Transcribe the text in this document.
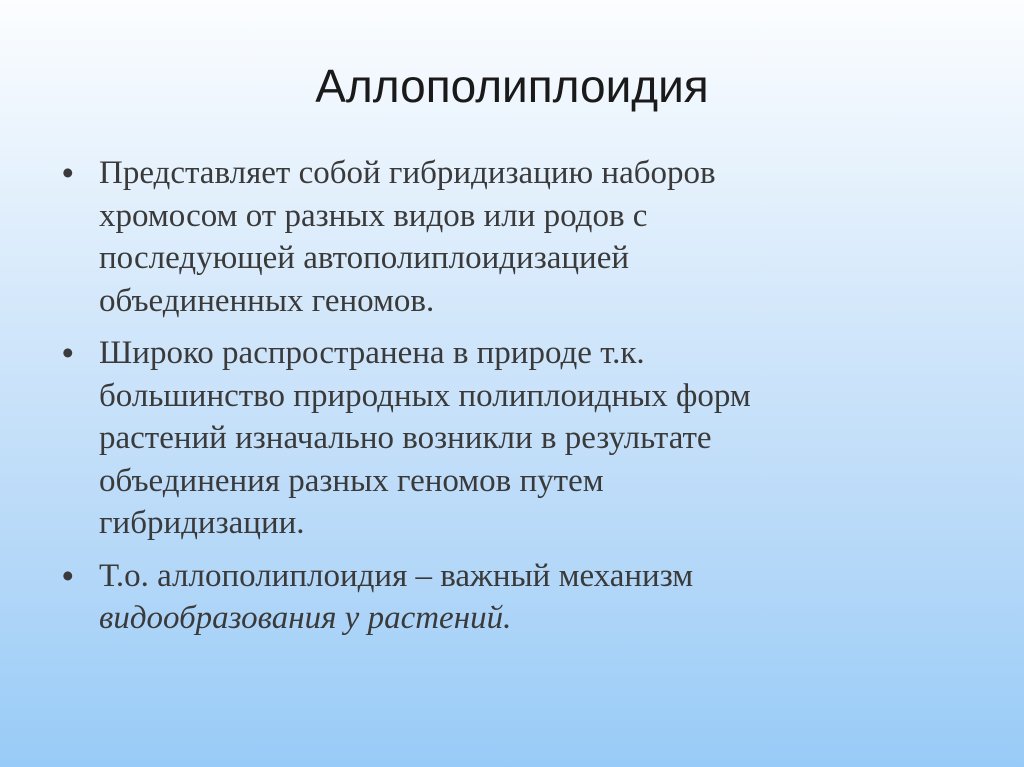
Аллополиплоидия
• Представляет собой гибридизацию наборов
хромосом от разных видов или родов с
последующей автополиплоидизацией
объединенных геномов.
• Широко распространена в природе т.к.
большинство природных полиплоидных форм
растений изначально возникли в результате
объединения разных геномов путем
гибридизации.
• Т.о. аллополиплоидия – важный механизм
видообразования у растений.
